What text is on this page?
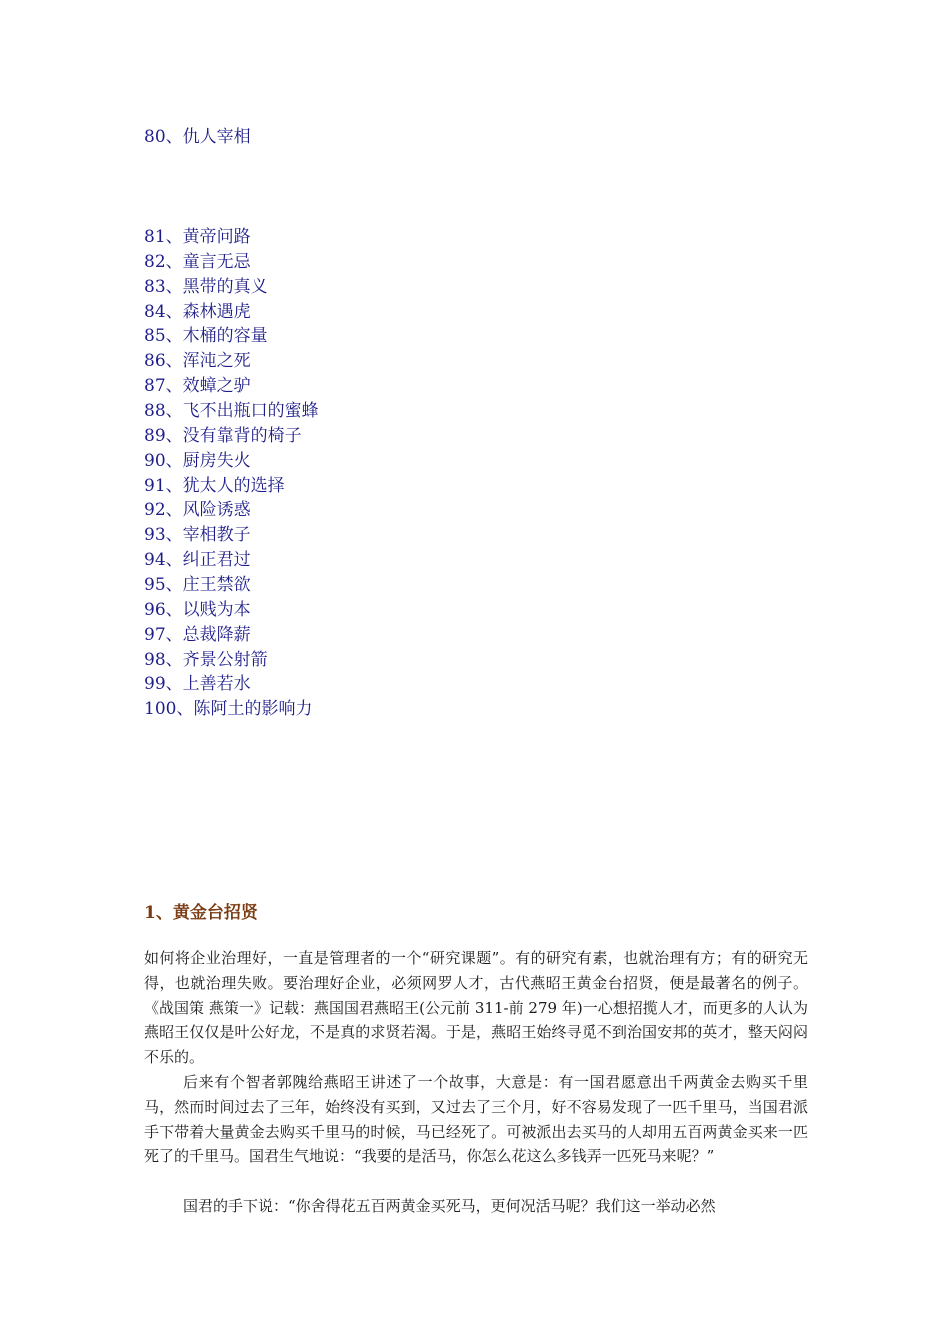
80、仇人宰相
81、黄帝问路
82、童言无忌
83、黑带的真义
84、森林遇虎
85、木桶的容量
86、浑沌之死
87、效蟑之驴
88、飞不出瓶口的蜜蜂
89、没有靠背的椅子
90、厨房失火
91、犹太人的选择
92、风险诱惑
93、宰相教子
94、纠正君过
95、庄王禁欲
96、以贱为本
97、总裁降薪
98、齐景公射箭
99、上善若水
100、陈阿土的影响力
1、黄金台招贤

如何将企业治理好，一直是管理者的一个“研究课题”。有的研究有素，也就治理有方；有的研究无得，也就治理失败。要治理好企业，必须网罗人才，古代燕昭王黄金台招贤，便是最著名的例子。 《战国策 燕策一》记载：燕国国君燕昭王(公元前 311-前 279 年)一心想招揽人才，而更多的人认为燕昭王仅仅是叶公好龙，不是真的求贤若渴。于是，燕昭王始终寻觅不到治国安邦的英才，整天闷闷不乐的。

后来有个智者郭隗给燕昭王讲述了一个故事，大意是：有一国君愿意出千两黄金去购买千里马，然而时间过去了三年，始终没有买到，又过去了三个月，好不容易发现了一匹千里马，当国君派手下带着大量黄金去购买千里马的时候，马已经死了。可被派出去买马的人却用五百两黄金买来一匹死了的千里马。国君生气地说：“我要的是活马，你怎么花这么多钱弄一匹死马来呢？”

国君的手下说：“你舍得花五百两黄金买死马，更何况活马呢？我们这一举动必然
